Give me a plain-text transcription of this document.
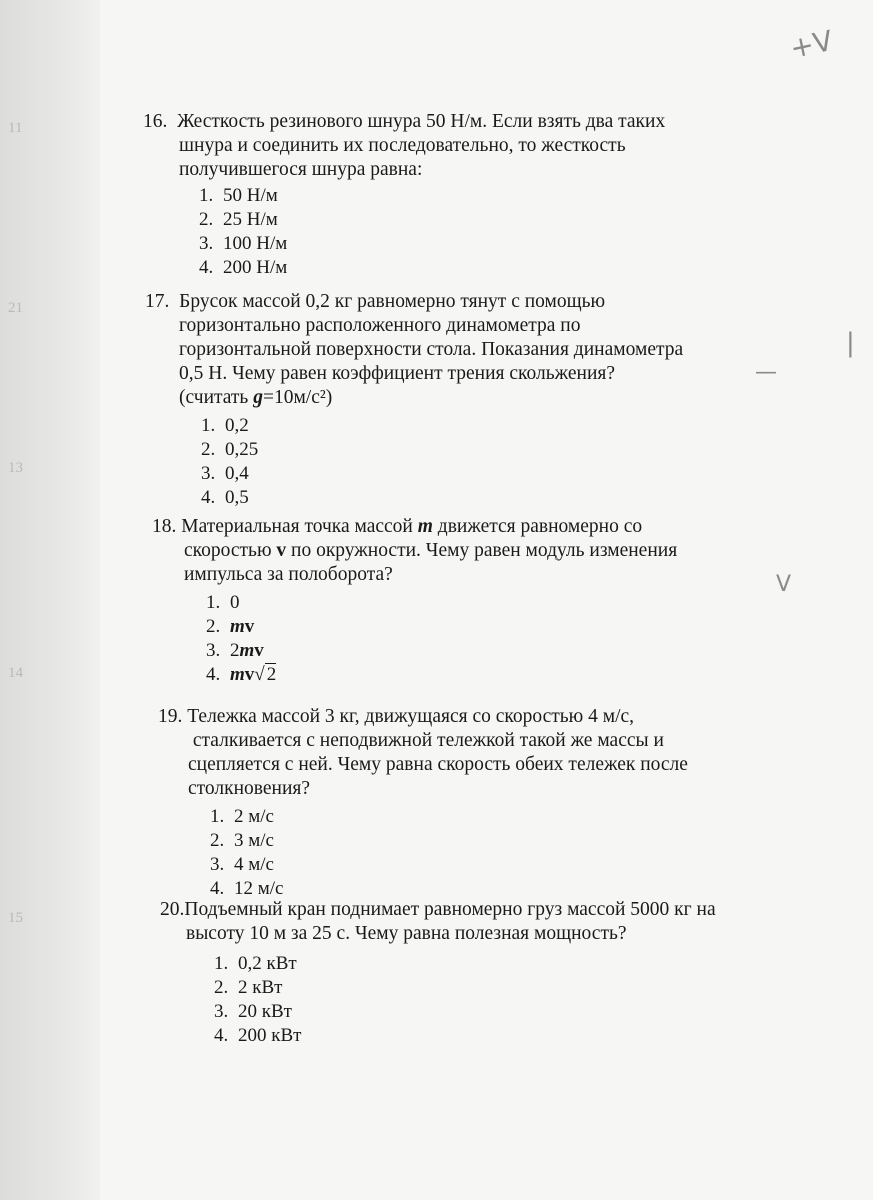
11
21
13
14
15
+V
|
—
V
16. Жесткость резинового шнура 50 Н/м. Если взять два таких
шнура и соединить их последовательно, то жесткость
получившегося шнура равна:
1. 50 Н/м
2. 25 Н/м
3. 100 Н/м
4. 200 Н/м
17. Брусок массой 0,2 кг равномерно тянут с помощью
горизонтально расположенного динамометра по
горизонтальной поверхности стола. Показания динамометра
0,5 Н. Чему равен коэффициент трения скольжения?
(считать g=10м/с²)
1. 0,2
2. 0,25
3. 0,4
4. 0,5
18. Материальная точка массой m движется равномерно со
скоростью v по окружности. Чему равен модуль изменения
импульса за полоборота?
1. 0
2. mv
3. 2mv
4. mv√ 2
19. Тележка массой 3 кг, движущаяся со скоростью 4 м/с,
сталкивается с неподвижной тележкой такой же массы и
сцепляется с ней. Чему равна скорость обеих тележек после
столкновения?
1. 2 м/с
2. 3 м/с
3. 4 м/с
4. 12 м/с
20.Подъемный кран поднимает равномерно груз массой 5000 кг на
высоту 10 м за 25 с. Чему равна полезная мощность?
1. 0,2 кВт
2. 2 кВт
3. 20 кВт
4. 200 кВт
